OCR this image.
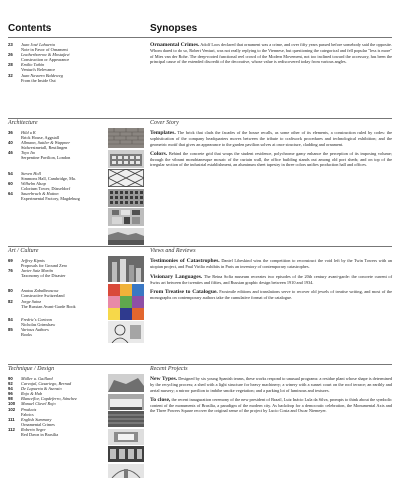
Contents	Synopses
23 Juan José Lahuerta
Note in Favor of Ornament
26 Leatherbarrow & Mostafavi
Construction or Appearance
28 Emilio Tuñón
Venturi's Relevance
32 Juan Navarro Baldeweg
From the Inside Out

Ornamental Crimes. Adolf Loos declared that ornament was a crime, and over fifty years passed before somebody said the opposite. Whom dared to do so, Robert Venturi, was not really replying to the Viennese, but questioning the categorical and fell popular "less is more" of Mies van der Rohe. The deep-rooted functional reel crowd of the Modern Movement, not too inclined toward the accessory, has been the principal cause of the extended discredit of the decorative, whose value is rediscovered today from various angles.

Architecture	Cover Story
36 Hild u K
Brick House, Aggstall
40 Allmann, Sattler & Wappner
Südwestmetall, Reutlingen
46 Toyo Ito
Serpentine Pavilion, London
54 Steven Holl
Simmons Hall, Cambridge, Ma.
60 Wilhelm Alsop
Colorium Tower, Düsseldorf
64 Sauerbruch & Hutton
Experimental Factory, Magdeburg

Templates. The brick that clads the facades of the house recalls, as some other of its elements, a construction ruled by codes: the sophistication of the company headquarters moves between the tribute to craftwork procedures and technological exhibition; and the geometric motif that gives an appearance to the garden pavilion solves at once structure, cladding and ornament.

Colors. Behind the concrete grid that wraps the student residence, polychrome gamy enhance the perception of its imposing volume; through the vibrant mondrianesque mosaic of the curtain wall, the office building stands out among old port sheds; and on top of the irregular section of the industrial establishment, an aluminum sheet tapestry in three colors unifies production hall and offices.

Art / Culture	Views and Reviews
69 Jeffrey Kipnis
Proposals for Ground Zero
76 Javier Saiz Martín
Taxonomy of the Disaster
80 Anatxu Zabalbeascoa
Constructive Switzerland
82 Jorge Sainz
The Russian Avant-Garde Book
84 Fredric's Cartoon
Nicholas Grimshaw
85 Various Authors
Books

Testimonies of Catastrophes. Daniel Libeskind wins the competition to reconstruct the void left by the Twin Towers with an utopian project, and Paul Virilio exhibits in Paris an inventory of contemporary catastrophes.

Visionary Languages. The Reina Sofía museum recreates two episodes of the 20th century avant-garde: the concrete current of Swiss art between the twenties and fifties, and Russian graphic design between 1910 and 1934.

From Treatise to Catalogue. Facsimile editions and translations serve to recover old jewels of treatise writing, and most of the monographs on contemporary authors take the cumulative format of the catalogue.

Technique / Design	Recent Projects
90 Müller u. Gaillard
92 Carvajal, Casariego, Bernad
94 De Lapuerta & Asensio
96 Rojo & Hub
98 Blanceflor, Capdeferro, Sánchez
100 Manuel Clavel Rojo
102 Products
Fabrics
111 English Summary
Ornamental Crimes
112 Roberto Segre
Red Dawn in Brasília

New Types. Designed by six young Spanish teams, these works respond to unusual programs: a residue plant whose shape is determined by the recycling process; a shed with a light structure for heavy machinery; a winery with a sunset court on the roof terrace; an earthly and aerial nursery; a mirror pavilion to imbibe smoke vegetation; and a parking lot of luminous and textures.

To close, the recent inauguration ceremony of the new president of Brazil, Luiz Inácio Lula da Silva, prompts to think about the symbolic content of the monuments of Brasília, a paradigm of the modern city. As backdrop for a democratic celebration, the Monumental Axis and the Three Powers Square recover the original sense of the project by Lucio Costa and Oscar Niemeyer.
